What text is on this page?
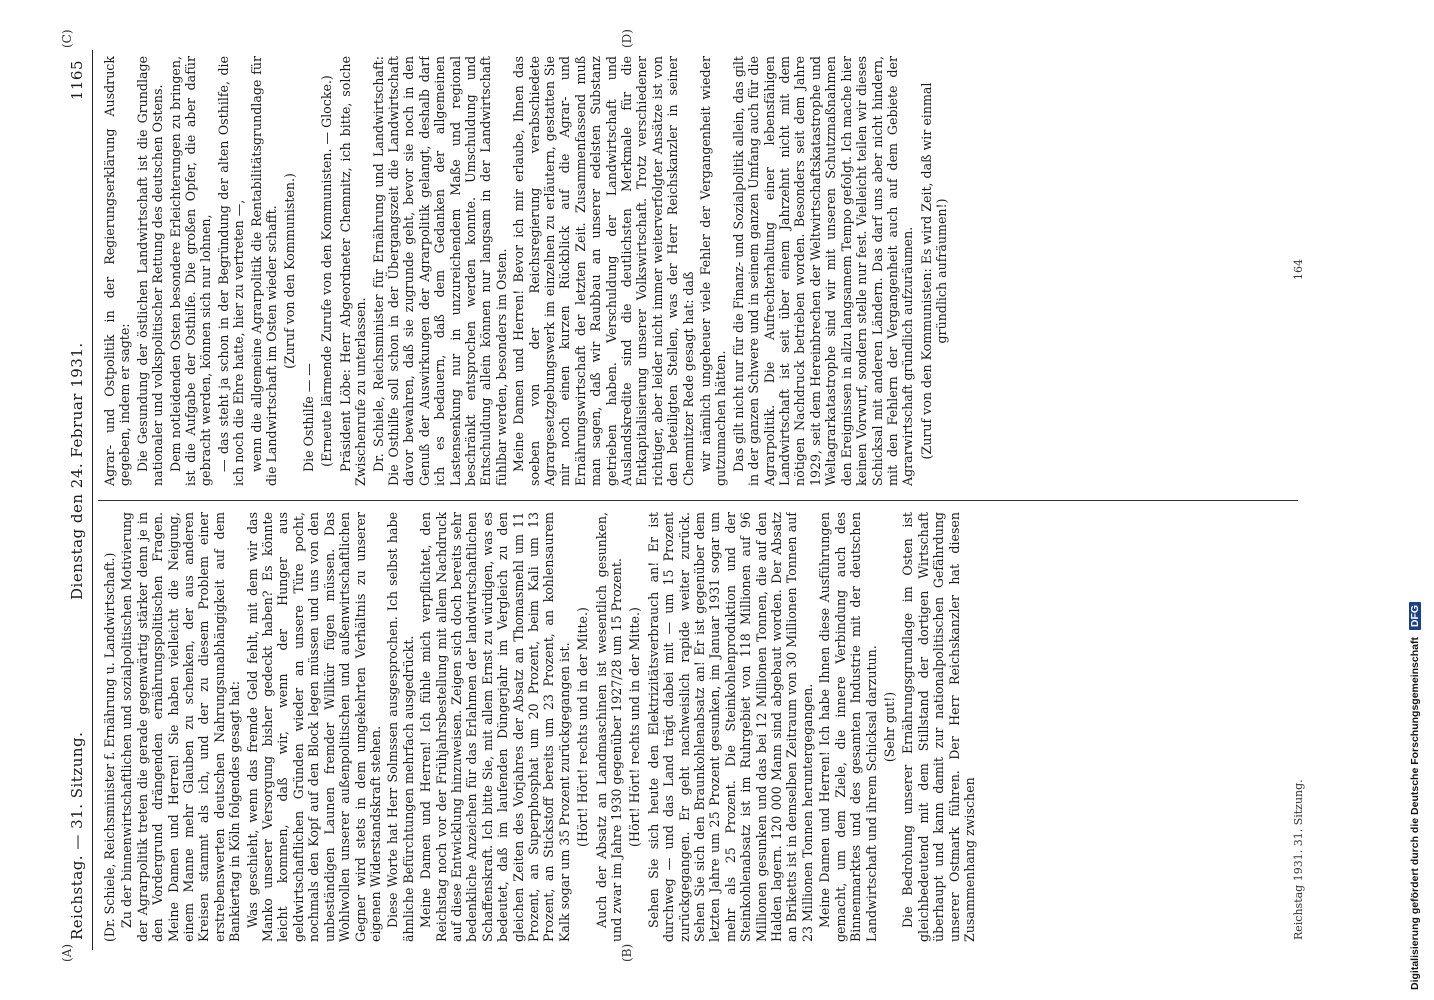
Reichstag. — 31. Sitzung.
Dienstag den 24. Februar 1931.
1165
(A)	(B)
(C)	(D)

(Dr. Schiele, Reichsminister f. Ernährung u. Landwirtschaft.) Zu der binnenwirtschaftlichen und sozialpolitischen Motivierung der Agrarpolitik treten die gerade gegenwärtig stärker denn je in den Vordergrund drängenden ernährungspolitischen Fragen. Meine Damen und Herren! Sie haben vielleicht die Neigung, einem Manne mehr Glauben zu schenken, der aus anderen Kreisen stammt als ich, und der zu diesem Problem einer erstrebenswerten deutschen Nahrungsunabhängigkeit auf dem Bankiertag in Köln folgendes gesagt hat: Was geschieht, wenn das fremde Geld fehlt, mit dem wir das Manko unserer Versorgung bisher gedeckt haben? Es könnte leicht kommen, daß wir, wenn der Hunger aus geldwirtschaftlichen Gründen wieder an unsere Türe pocht, nochmals den Kopf auf den Block legen müssen und uns von den unbeständigen Launen fremder Willkür fügen müssen. Das Wohlwollen unserer außenpolitischen und außenwirtschaftlichen Gegner wird stets in dem umgekehrten Verhältnis zu unserer eigenen Widerstandskraft stehen. Diese Worte hat Herr Solmssen ausgesprochen. Ich selbst habe ähnliche Befürchtungen mehrfach ausgedrückt. Meine Damen und Herren! Ich fühle mich verpflichtet, den Reichstag noch vor der Frühjahrsbestellung mit allem Nachdruck auf diese Entwicklung hinzuweisen. Zeigen sich doch bereits sehr bedenkliche Anzeichen für das Erlahmen der landwirtschaftlichen Schaffenskraft. Ich bitte Sie, mit allem Ernst zu würdigen, was es bedeutet, daß im laufenden Düngerjahr im Vergleich zu den gleichen Zeiten des Vorjahres der Absatz an Thomasmehl um 11 Prozent, an Superphosphat um 20 Prozent, beim Kali um 13 Prozent, an Stickstoff bereits um 23 Prozent, an kohlensaurem Kalk sogar um 35 Prozent zurückgegangen ist. (Hört! Hört! rechts und in der Mitte.) Auch der Absatz an Landmaschinen ist wesentlich gesunken, und zwar im Jahre 1930 gegenüber 1927/28 um 15 Prozent. (Hört! Hört! rechts und in der Mitte.) Sehen Sie sich heute den Elektrizitätsverbrauch an! Er ist durchweg — und das Land trägt dabei mit — um 15 Prozent zurückgegangen. Er geht nachweislich rapide weiter zurück. Sehen Sie sich den Braunkohlenabsatz an! Er ist gegenüber dem letzten Jahre um 25 Prozent gesunken, im Januar 1931 sogar um mehr als 25 Prozent. Die Steinkohlenproduktion und der Steinkohlenabsatz ist im Ruhrgebiet von 118 Millionen auf 96 Millionen gesunken und das bei 12 Millionen Tonnen, die auf den Halden lagern. 120 000 Mann sind abgebaut worden. Der Absatz an Briketts ist in demselben Zeitraum von 30 Millionen Tonnen auf 23 Millionen Tonnen heruntergegangen. Meine Damen und Herren! Ich habe Ihnen diese Ausführungen gemacht, um dem Ziele, die innere Verbindung auch des Binnenmarktes und des gesamten Industrie mit der deutschen Landwirtschaft und ihrem Schicksal darzutun. (Sehr gut!) Die Bedrohung unserer Ernährungsgrundlage im Osten ist gleichbedeutend mit dem Stillstand der dortigen Wirtschaft überhaupt und kann damit zur nationalpolitischen Gefährdung unserer Ostmark führen. Der Herr Reichskanzler hat diesen Zusammenhang zwischen

Agrar- und Ostpolitik in der Regierungserklärung Ausdruck gegeben, indem er sagte: Die Gesundung der östlichen Landwirtschaft ist die Grundlage nationaler und volkspolitischer Rettung des deutschen Ostens. Dem notleidenden Osten besondere Erleichterungen zu bringen, ist die Aufgabe der Osthilfe. Die großen Opfer, die aber dafür gebracht werden, können sich nur lohnen, — das steht ja schon in der Begründung der alten Osthilfe, die ich noch die Ehre hatte, hier zu vertreten —, wenn die allgemeine Agrarpolitik die Rentabilitätsgrundlage für die Landwirtschaft im Osten wieder schafft. (Zuruf von den Kommunisten.)

Die Osthilfe — — (Erneute lärmende Zurufe von den Kommunisten. — Glocke.) Präsident Löbe: Herr Abgeordneter Chemnitz, ich bitte, solche Zwischenrufe zu unterlassen. Dr. Schiele, Reichsminister für Ernährung und Landwirtschaft: Die Osthilfe soll schon in der Übergangszeit die Landwirtschaft davor bewahren, daß sie zugrunde geht, bevor sie noch in den Genuß der Auswirkungen der Agrarpolitik gelangt, deshalb darf ich es bedauern, daß dem Gedanken der allgemeinen Lastensenkung nur in unzureichendem Maße und regional beschränkt entsprochen werden konnte. Umschuldung und Entschuldung allein können nur langsam in der Landwirtschaft fühlbar werden, besonders im Osten. Meine Damen und Herren! Bevor ich mir erlaube, Ihnen das soeben von der Reichsregierung verabschiedete Agrargesetzgebungswerk im einzelnen zu erläutern, gestatten Sie mir noch einen kurzen Rückblick auf die Agrar- und Ernährungswirtschaft der letzten Zeit. Zusammenfassend muß man sagen, daß wir Raubbau an unserer edelsten Substanz getrieben haben. Verschuldung der Landwirtschaft und Auslandskredite sind die deutlichsten Merkmale für die Entkapitalisierung unserer Volkswirtschaft. Trotz verschiedener richtiger, aber leider nicht immer weiterverfolgter Ansätze ist von den beteiligten Stellen, was der Herr Reichskanzler in seiner Chemnitzer Rede gesagt hat: daß wir nämlich ungeheuer viele Fehler der Vergangenheit wieder gutzumachen hätten. Das gilt nicht nur für die Finanz- und Sozialpolitik allein, das gilt in der ganzen Schwere und in seinem ganzen Umfang auch für die Agrarpolitik. Die Aufrechterhaltung einer lebensfähigen Landwirtschaft ist seit über einem Jahrzehnt nicht mit dem nötigen Nachdruck betrieben worden. Besonders seit dem Jahre 1929, seit dem Hereinbrechen der Weltwirtschaftskatastrophe und Weltagrarkatastrophe sind wir mit unseren Schutzmaßnahmen den Ereignissen in allzu langsamem Tempo gefolgt. Ich mache hier keinen Vorwurf, sondern stelle nur fest. Vielleicht teilen wir dieses Schicksal mit anderen Ländern. Das darf uns aber nicht hindern, mit den Fehlern der Vergangenheit auch auf dem Gebiete der Agrarwirtschaft gründlich aufzuräumen. (Zuruf von den Kommunisten: Es wird Zeit, daß wir einmal gründlich aufräumen!)

Reichstag 1931. 31. Sitzung.
164
Digitalisierung gefördert durch die Deutsche Forschungsgemeinschaft DFG
